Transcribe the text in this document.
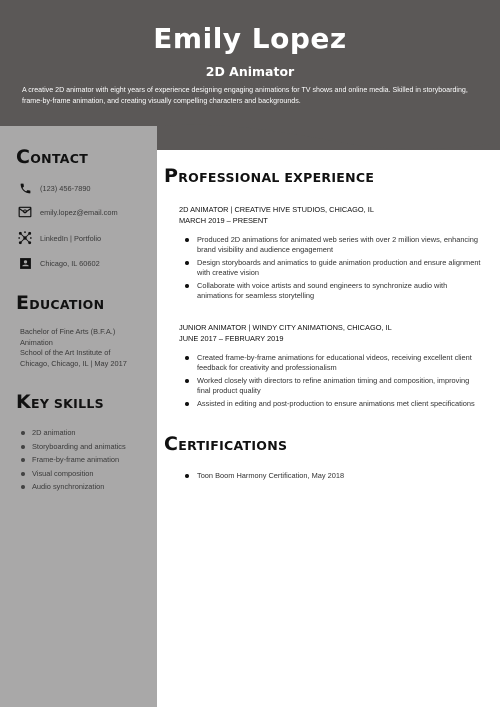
Emily Lopez
2D Animator
A creative 2D animator with eight years of experience designing engaging animations for TV shows and online media. Skilled in storyboarding, frame-by-frame animation, and creating visually compelling characters and backgrounds.
CONTACT
(123) 456-7890
emily.lopez@email.com
LinkedIn | Portfolio
Chicago, IL 60602
EDUCATION
Bachelor of Fine Arts (B.F.A.)
Animation
School of the Art Institute of
Chicago, Chicago, IL | May 2017
KEY SKILLS
2D animation
Storyboarding and animatics
Frame-by-frame animation
Visual composition
Audio synchronization
PROFESSIONAL EXPERIENCE
2D ANIMATOR | CREATIVE HIVE STUDIOS, CHICAGO, IL
MARCH 2019 – PRESENT
Produced 2D animations for animated web series with over 2 million views, enhancing brand visibility and audience engagement
Design storyboards and animatics to guide animation production and ensure alignment with creative vision
Collaborate with voice artists and sound engineers to synchronize audio with animations for seamless storytelling
JUNIOR ANIMATOR | WINDY CITY ANIMATIONS, CHICAGO, IL
JUNE 2017 – FEBRUARY 2019
Created frame-by-frame animations for educational videos, receiving excellent client feedback for creativity and professionalism
Worked closely with directors to refine animation timing and composition, improving final product quality
Assisted in editing and post-production to ensure animations met client specifications
CERTIFICATIONS
Toon Boom Harmony Certification, May 2018
